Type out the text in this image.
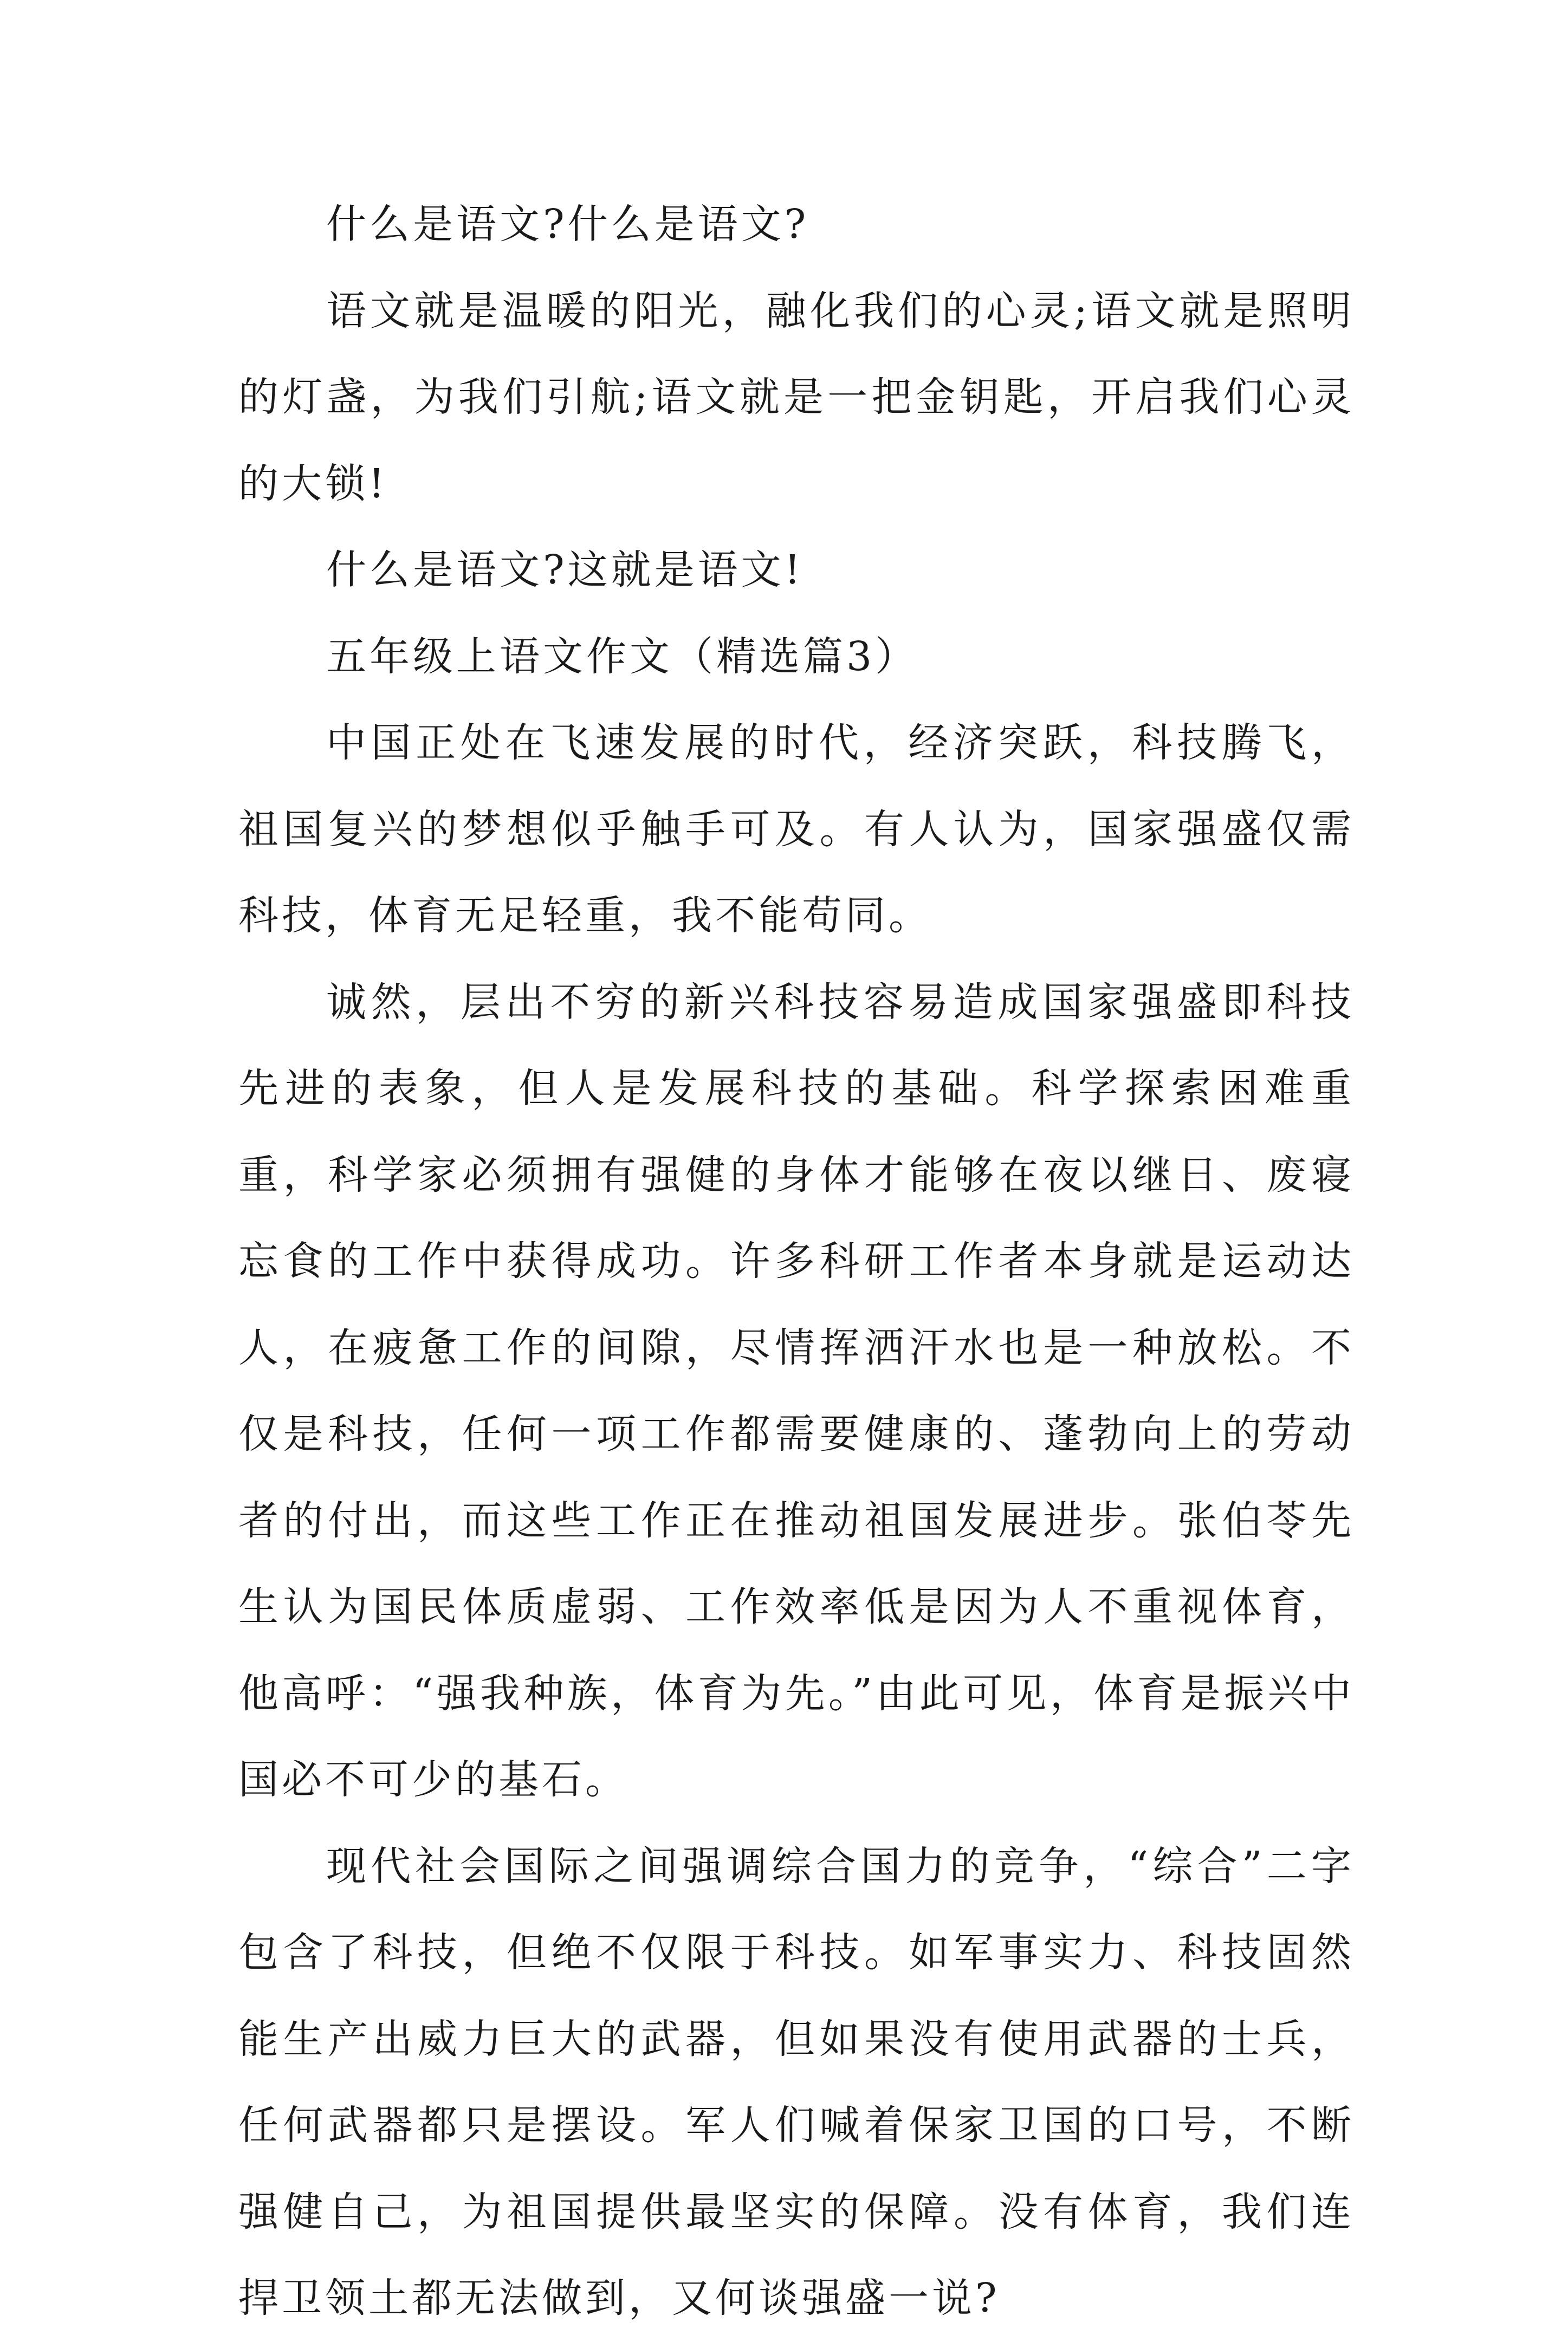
什么是语文?什么是语文?

语文就是温暖的阳光，融化我们的心灵;语文就是照明的灯盏，为我们引航;语文就是一把金钥匙，开启我们心灵的大锁!

什么是语文?这就是语文!

五年级上语文作文（精选篇3）

中国正处在飞速发展的时代，经济突跃，科技腾飞，祖国复兴的梦想似乎触手可及。有人认为，国家强盛仅需科技，体育无足轻重，我不能苟同。

诚然，层出不穷的新兴科技容易造成国家强盛即科技先进的表象，但人是发展科技的基础。科学探索困难重重，科学家必须拥有强健的身体才能够在夜以继日、废寝忘食的工作中获得成功。许多科研工作者本身就是运动达人，在疲惫工作的间隙，尽情挥洒汗水也是一种放松。不仅是科技，任何一项工作都需要健康的、蓬勃向上的劳动者的付出，而这些工作正在推动祖国发展进步。张伯苓先生认为国民体质虚弱、工作效率低是因为人不重视体育，他高呼：“强我种族，体育为先。”由此可见，体育是振兴中国必不可少的基石。

现代社会国际之间强调综合国力的竞争，“综合”二字包含了科技，但绝不仅限于科技。如军事实力、科技固然能生产出威力巨大的武器，但如果没有使用武器的士兵，任何武器都只是摆设。军人们喊着保家卫国的口号，不断强健自己，为祖国提供最坚实的保障。没有体育，我们连捍卫领土都无法做到，又何谈强盛一说?
